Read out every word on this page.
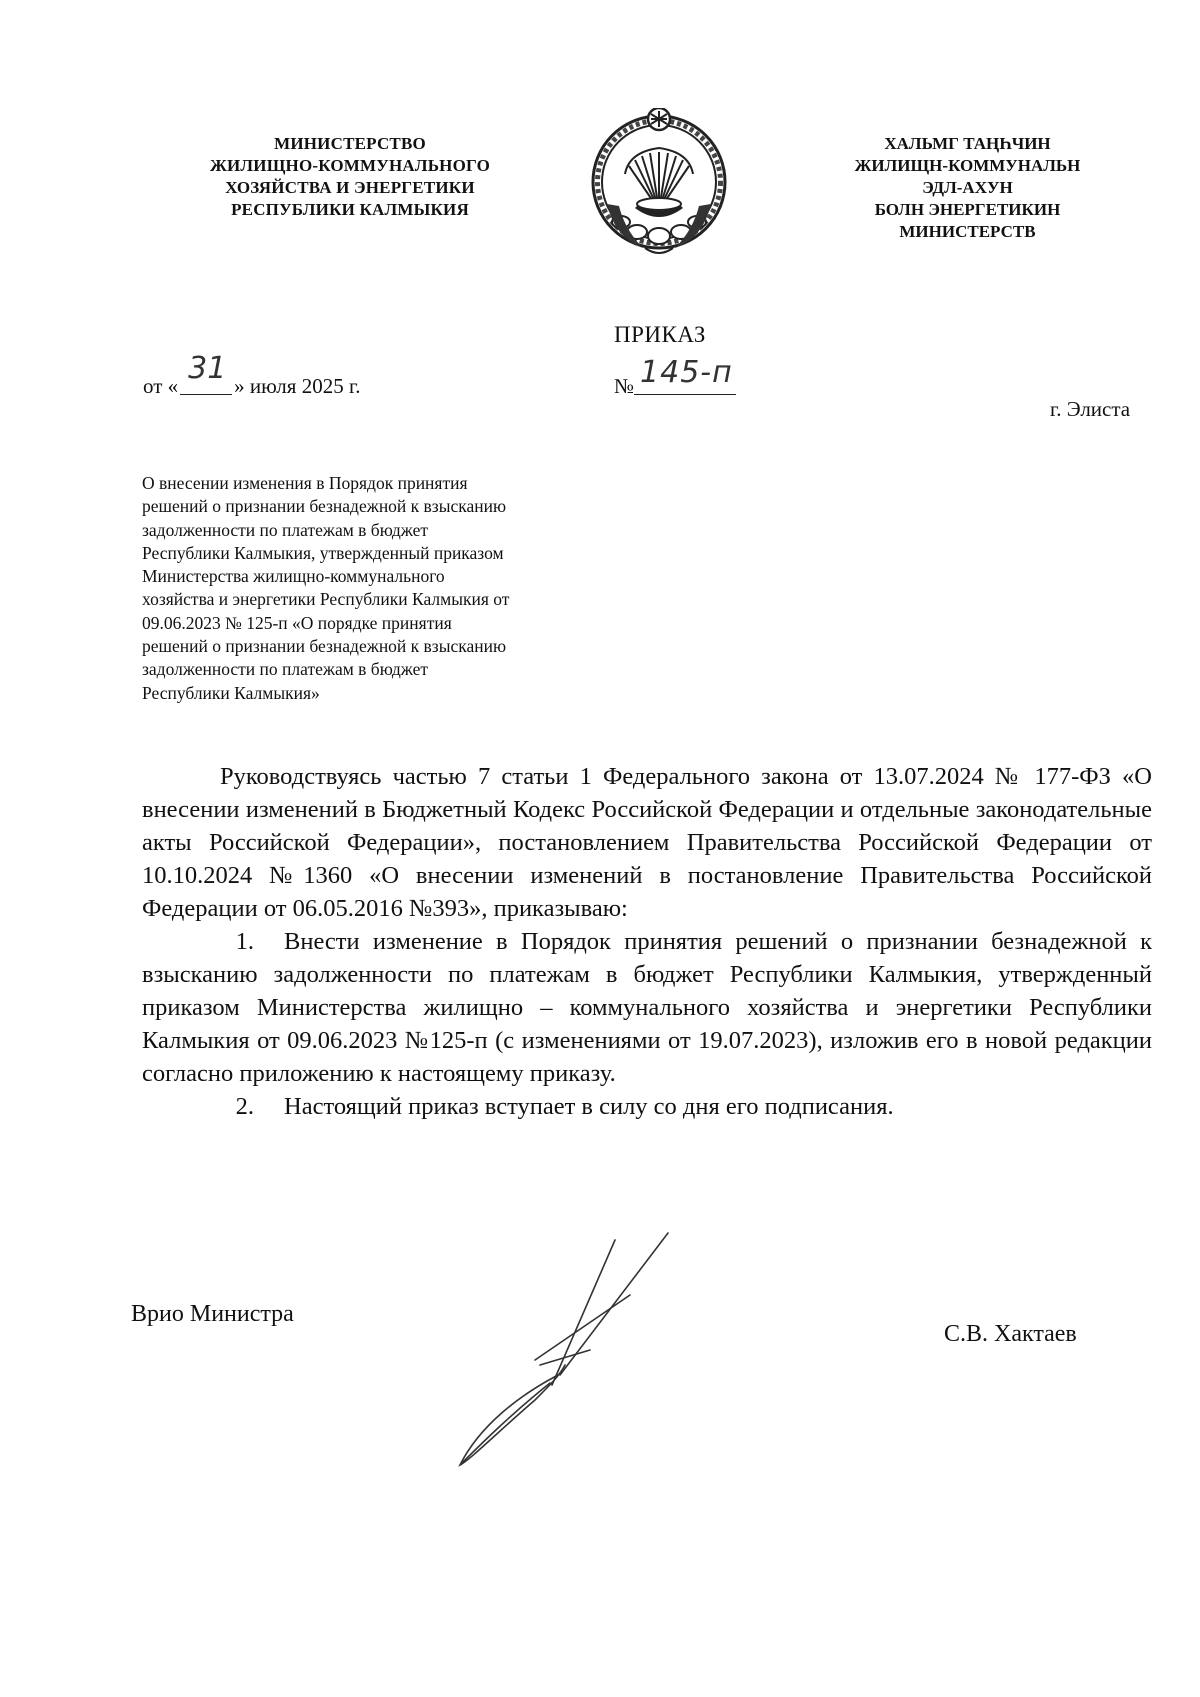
МИНИСТЕРСТВО
ЖИЛИЩНО-КОММУНАЛЬНОГО
ХОЗЯЙСТВА И ЭНЕРГЕТИКИ
РЕСПУБЛИКИ КАЛМЫКИЯ
ХАЛЬМГ ТАҢҺЧИН
ЖИЛИЩН-КОММУНАЛЬН
ЭДЛ-АХУН
БОЛН ЭНЕРГЕТИКИН
МИНИСТЕРСТВ
ПРИКАЗ
от « 31 » июля 2025 г.	№ 145-п
г. Элиста
О внесении изменения в Порядок принятия
решений о признании безнадежной к взысканию
задолженности по платежам в бюджет
Республики Калмыкия, утвержденный приказом
Министерства жилищно-коммунального
хозяйства и энергетики Республики Калмыкия от
09.06.2023 № 125-п «О порядке принятия
решений о признании безнадежной к взысканию
задолженности по платежам в бюджет
Республики Калмыкия»

Руководствуясь частью 7 статьи 1 Федерального закона от 13.07.2024 № 177-ФЗ «О внесении изменений в Бюджетный Кодекс Российской Федерации и отдельные законодательные акты Российской Федерации», постановлением Правительства Российской Федерации от 10.10.2024 №1360 «О внесении изменений в постановление Правительства Российской Федерации от 06.05.2016 №393», приказываю:

1. Внести изменение в Порядок принятия решений о признании безнадежной к взысканию задолженности по платежам в бюджет Республики Калмыкия, утвержденный приказом Министерства жилищно – коммунального хозяйства и энергетики Республики Калмыкия от 09.06.2023 №125-п (с изменениями от 19.07.2023), изложив его в новой редакции согласно приложению к настоящему приказу.

2. Настоящий приказ вступает в силу со дня его подписания.

Врио Министра
С.В. Хактаев
